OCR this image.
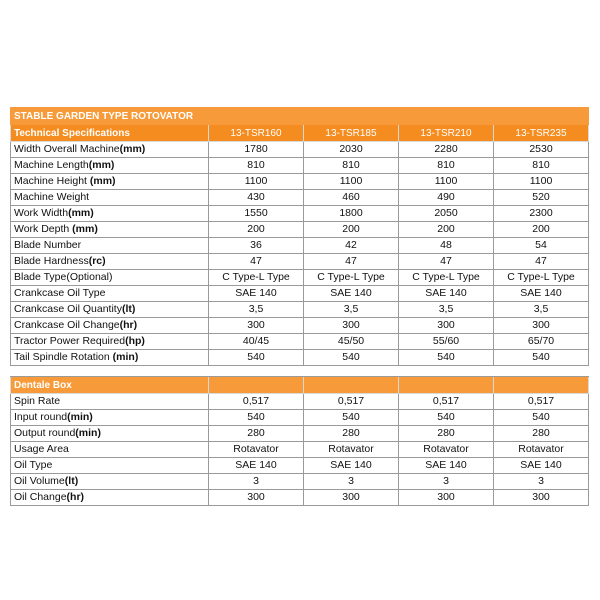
STABLE GARDEN TYPE ROTOVATOR				
Technical Specifications	13-TSR160	13-TSR185	13-TSR210	13-TSR235
Width Overall Machine(mm)	1780	2030	2280	2530
Machine Length(mm)	810	810	810	810
Machine Height (mm)	1100	1100	1100	1100
Machine Weight	430	460	490	520
Work Width(mm)	1550	1800	2050	2300
Work Depth (mm)	200	200	200	200
Blade Number	36	42	48	54
Blade Hardness(rc)	47	47	47	47
Blade Type(Optional)	C Type-L Type	C Type-L Type	C Type-L Type	C Type-L Type
Crankcase Oil Type	SAE 140	SAE 140	SAE 140	SAE 140
Crankcase Oil Quantity(lt)	3,5	3,5	3,5	3,5
Crankcase Oil Change(hr)	300	300	300	300
Tractor Power Required(hp)	40/45	45/50	55/60	65/70
Tail Spindle Rotation (min)	540	540	540	540

Dentale Box				
Spin Rate	0,517	0,517	0,517	0,517
Input round(min)	540	540	540	540
Output round(min)	280	280	280	280
Usage Area	Rotavator	Rotavator	Rotavator	Rotavator
Oil Type	SAE 140	SAE 140	SAE 140	SAE 140
Oil Volume(lt)	3	3	3	3
Oil Change(hr)	300	300	300	300
